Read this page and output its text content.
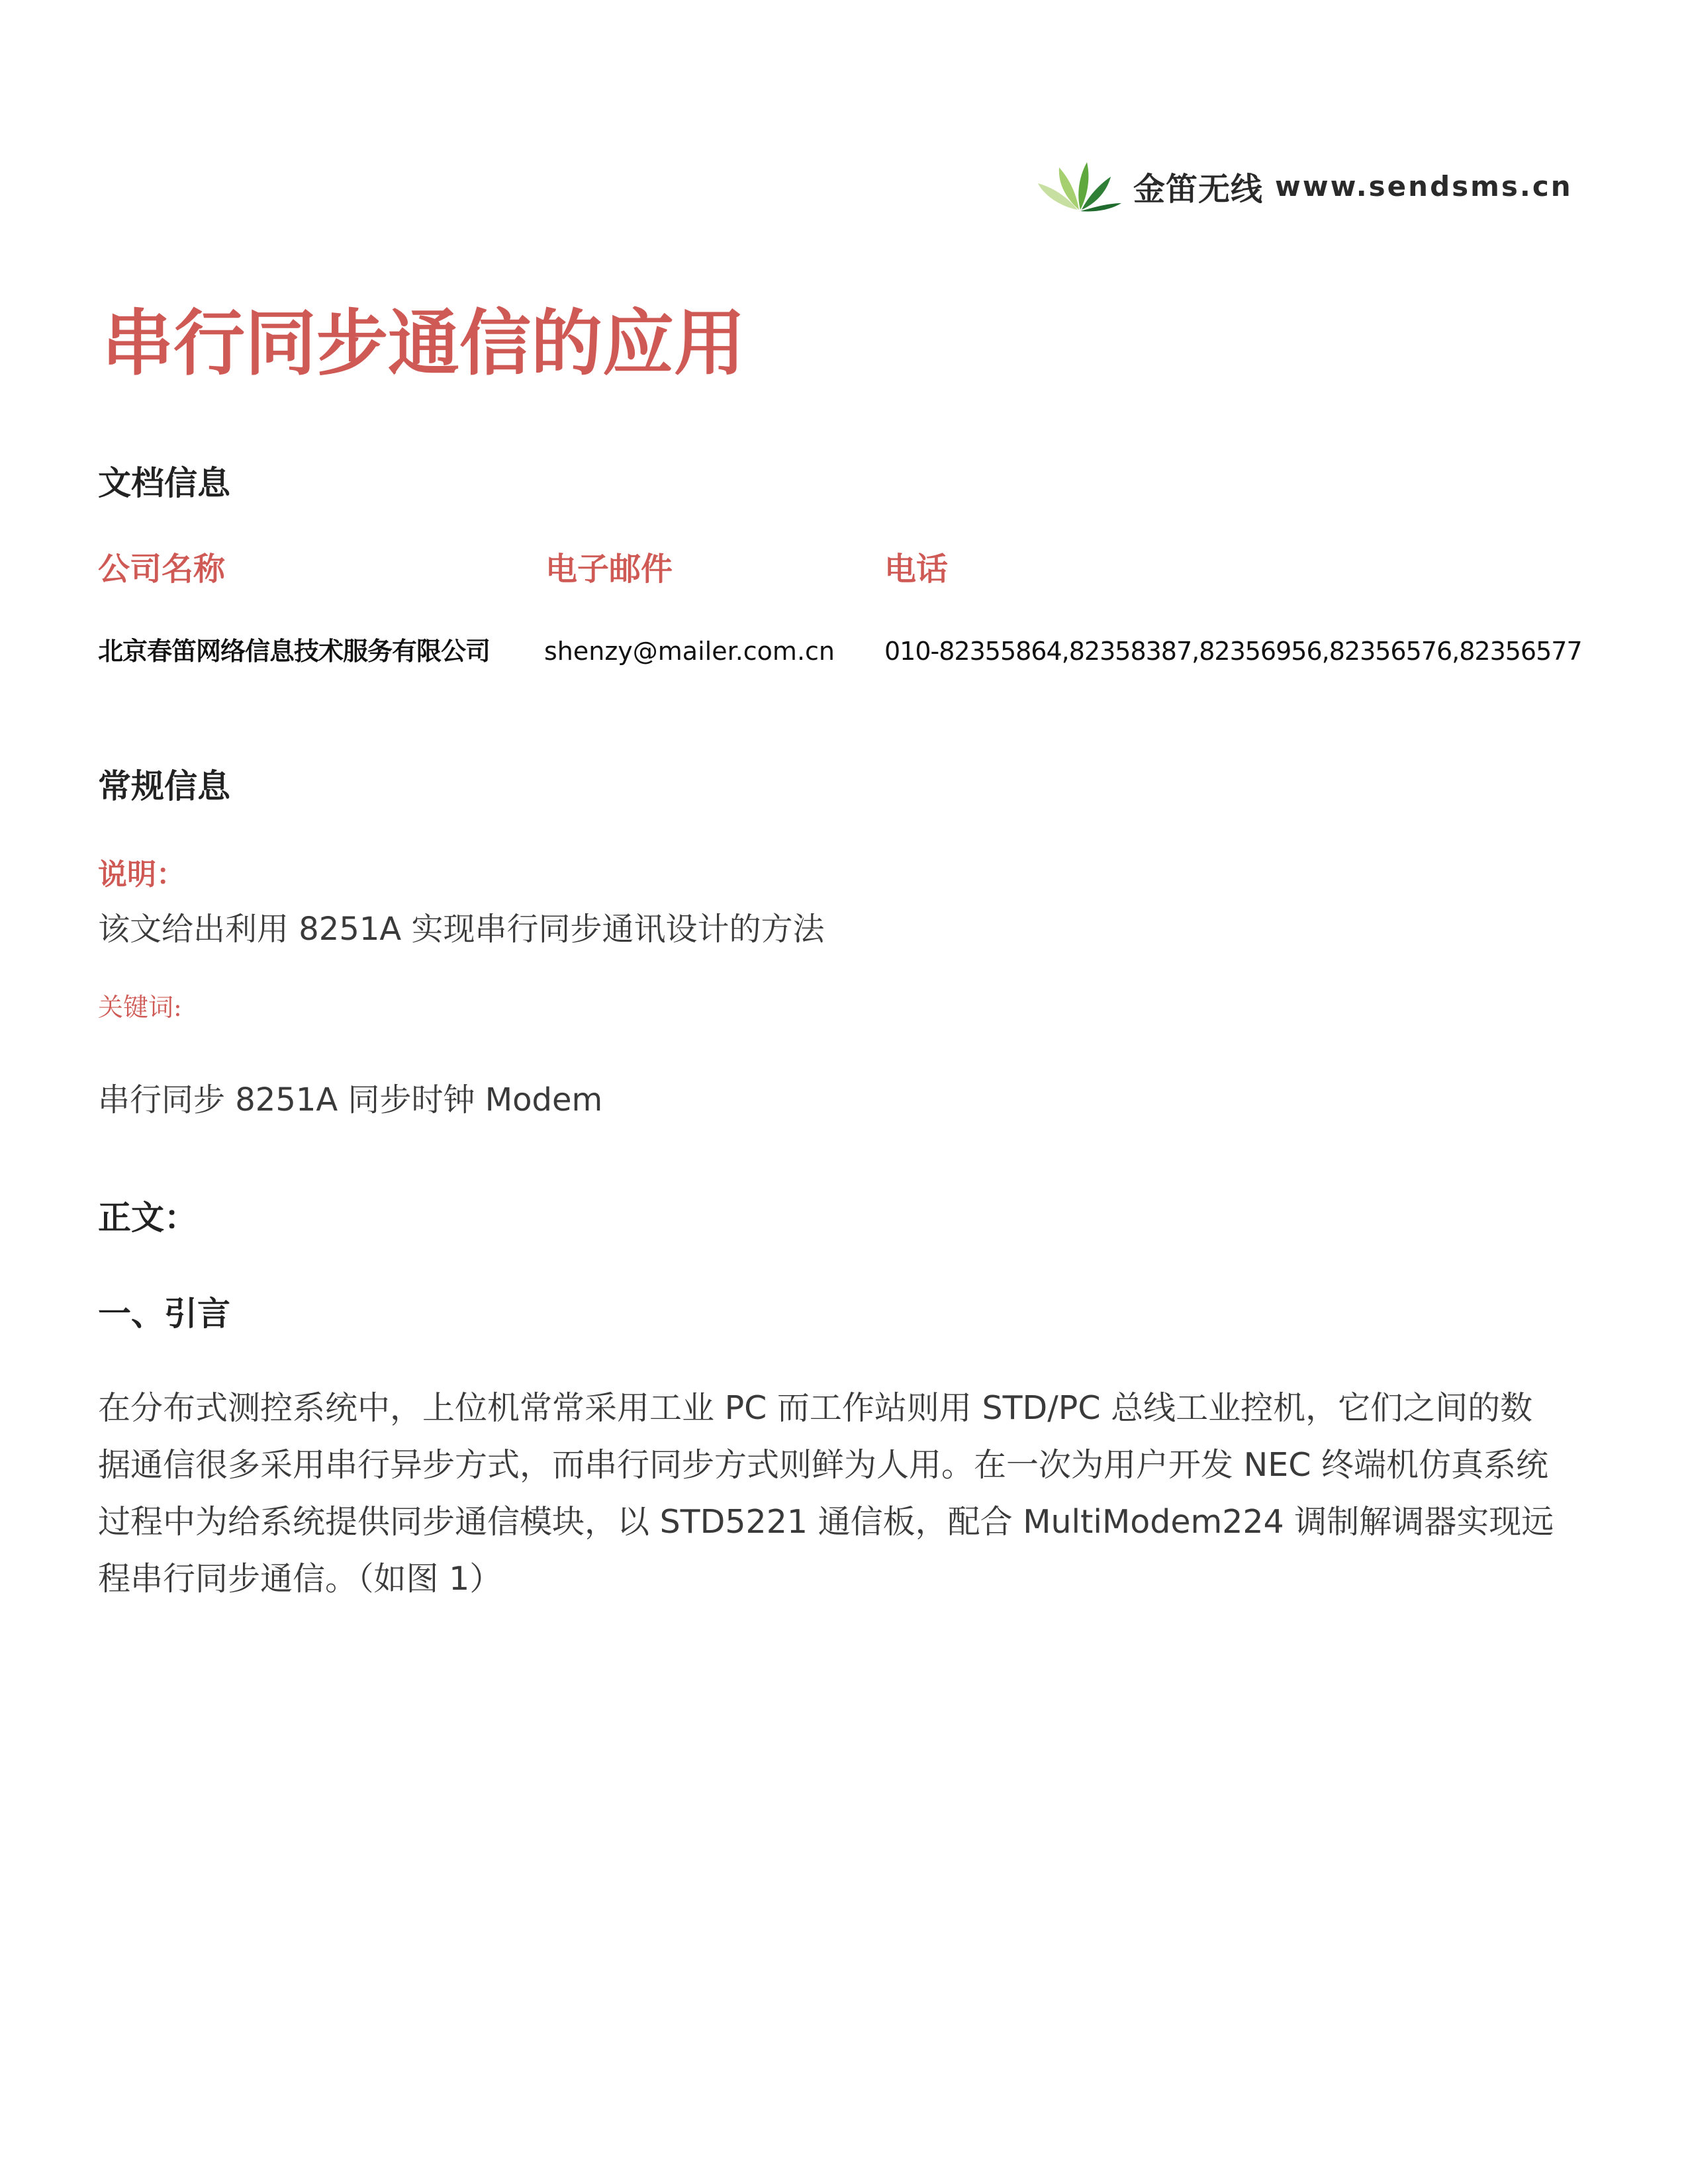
金笛无线 www.sendsms.cn
串行同步通信的应用
文档信息
公司名称	电子邮件	电话
北京春笛网络信息技术服务有限公司 shenzy@mailer.com.cn 010-82355864,82358387,82356956,82356576,82356577
常规信息
说明：
该文给出利用 8251A 实现串行同步通讯设计的方法
关键词:
串行同步 8251A 同步时钟 Modem
正文：
一、引言

在分布式测控系统中，上位机常常采用工业 PC 而工作站则用 STD/PC 总线工业控机，它们之间的数据通信很多采用串行异步方式，而串行同步方式则鲜为人用。在一次为用户开发 NEC 终端机仿真系统过程中为给系统提供同步通信模块，以 STD5221 通信板，配合 MultiModem224 调制解调器实现远程串行同步通信。（如图 1）
